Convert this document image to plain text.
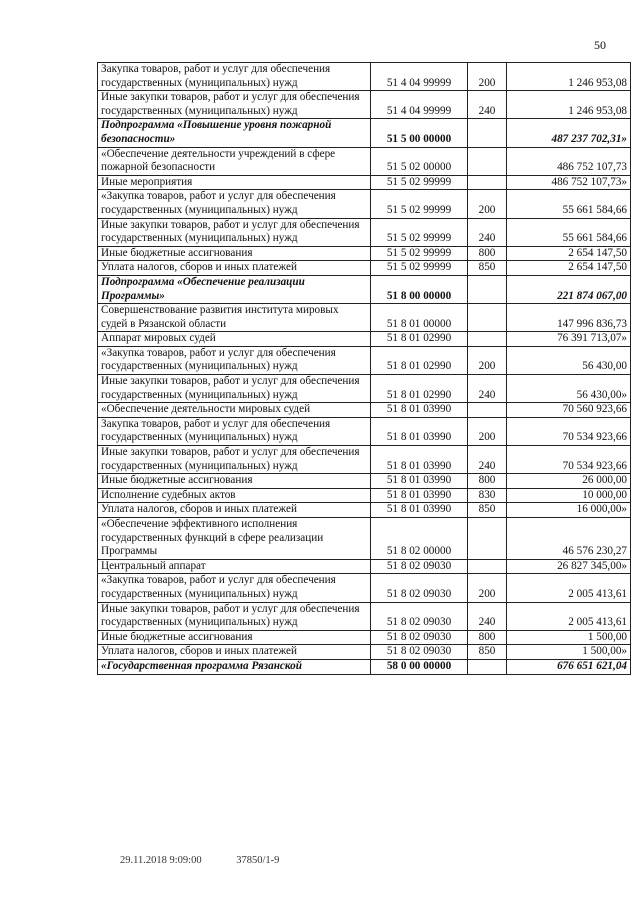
50
Закупка товаров, работ и услуг для обеспечения государственных (муниципальных) нужд	51 4 04 99999	200	1 246 953,08
Иные закупки товаров, работ и услуг для обеспечения государственных (муниципальных) нужд	51 4 04 99999	240	1 246 953,08
Подпрограмма «Повышение уровня пожарной безопасности»	51 5 00 00000		487 237 702,31»
«Обеспечение деятельности учреждений в сфере пожарной безопасности	51 5 02 00000		486 752 107,73
Иные мероприятия	51 5 02 99999		486 752 107,73»
«Закупка товаров, работ и услуг для обеспечения государственных (муниципальных) нужд	51 5 02 99999	200	55 661 584,66
Иные закупки товаров, работ и услуг для обеспечения государственных (муниципальных) нужд	51 5 02 99999	240	55 661 584,66
Иные бюджетные ассигнования	51 5 02 99999	800	2 654 147,50
Уплата налогов, сборов и иных платежей	51 5 02 99999	850	2 654 147,50
Подпрограмма «Обеспечение реализации Программы»	51 8 00 00000		221 874 067,00
Совершенствование развития института мировых судей в Рязанской области	51 8 01 00000		147 996 836,73
Аппарат мировых судей	51 8 01 02990		76 391 713,07»
«Закупка товаров, работ и услуг для обеспечения государственных (муниципальных) нужд	51 8 01 02990	200	56 430,00
Иные закупки товаров, работ и услуг для обеспечения государственных (муниципальных) нужд	51 8 01 02990	240	56 430,00»
«Обеспечение деятельности мировых судей	51 8 01 03990		70 560 923,66
Закупка товаров, работ и услуг для обеспечения государственных (муниципальных) нужд	51 8 01 03990	200	70 534 923,66
Иные закупки товаров, работ и услуг для обеспечения государственных (муниципальных) нужд	51 8 01 03990	240	70 534 923,66
Иные бюджетные ассигнования	51 8 01 03990	800	26 000,00
Исполнение судебных актов	51 8 01 03990	830	10 000,00
Уплата налогов, сборов и иных платежей	51 8 01 03990	850	16 000,00»
«Обеспечение эффективного исполнения государственных функций в сфере реализации Программы	51 8 02 00000		46 576 230,27
Центральный аппарат	51 8 02 09030		26 827 345,00»
«Закупка товаров, работ и услуг для обеспечения государственных (муниципальных) нужд	51 8 02 09030	200	2 005 413,61
Иные закупки товаров, работ и услуг для обеспечения государственных (муниципальных) нужд	51 8 02 09030	240	2 005 413,61
Иные бюджетные ассигнования	51 8 02 09030	800	1 500,00
Уплата налогов, сборов и иных платежей	51 8 02 09030	850	1 500,00»
«Государственная программа Рязанской	58 0 00 00000		676 651 621,04
29.11.2018 9:09:00	37850/1-9
